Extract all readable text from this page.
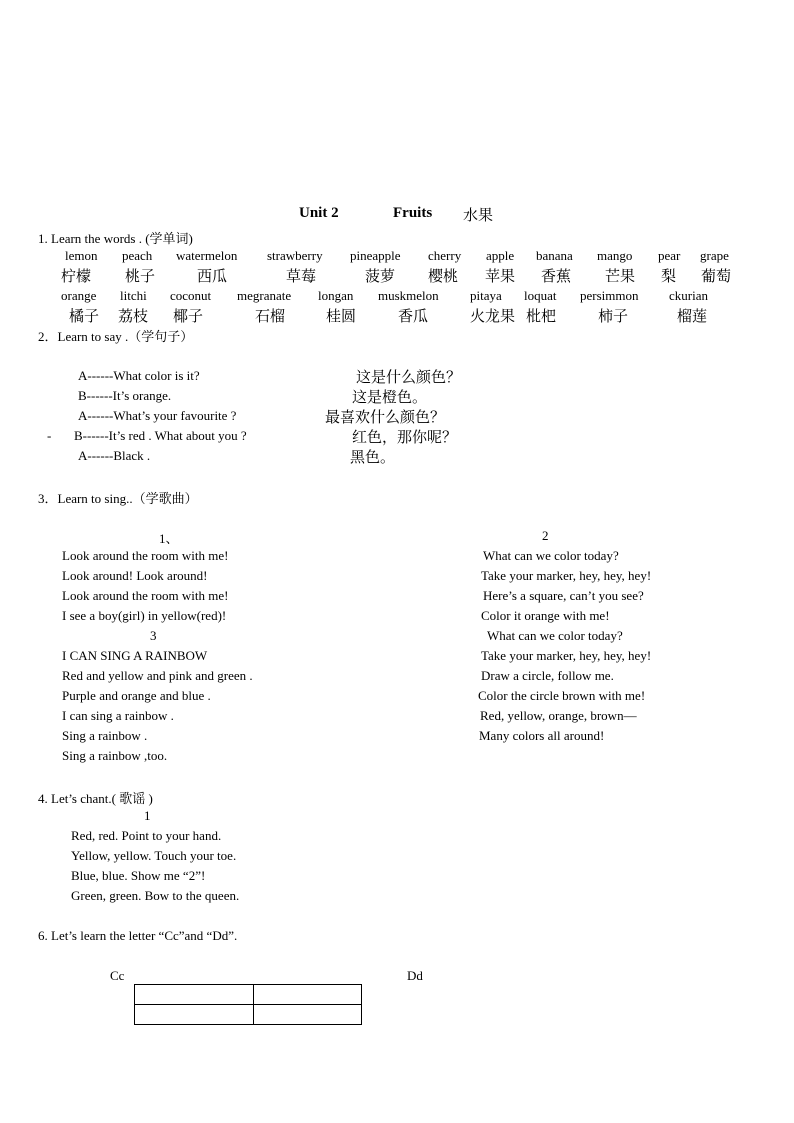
Unit 2	Fruits 水果
1. Learn the words . (学单词)
lemon peach watermelon strawberry pineapple cherry apple banana mango pear grape
柠檬 桃子	西瓜	草莓	菠萝 樱桃 苹果 香蕉 芒果 梨 葡萄
orange litchi coconut megranate longan muskmelon pitaya loquat persimmon ckurian
橘子 荔枝 椰子	石榴	桂圆	香瓜	火龙果 枇杷	柿子	榴莲
2．Learn to say .（学句子）
A------What color is it?	这是什么颜色？
B------It’s orange.	这是橙色。
A------What’s your favourite ?	最喜欢什么颜色？
- B------It’s red . What about you ?	红色，那你呢？
A------Black .	黑色。
3．Learn to sing..（学歌曲）
1、
Look around the room with me!
Look around! Look around!
Look around the room with me!
I see a boy(girl) in yellow(red)!
3
I CAN SING A RAINBOW
Red and yellow and pink and green .
Purple and orange and blue .
I can sing a rainbow .
Sing a rainbow .
Sing a rainbow ,too.
2
What can we color today?
Take your marker, hey, hey, hey!
Here’s a square, can’t you see?
Color it orange with me!
What can we color today?
Take your marker, hey, hey, hey!
Draw a circle, follow me.
Color the circle brown with me!
Red, yellow, orange, brown—
Many colors all around!
4. Let’s chant.( 歌谣 )
1
Red, red. Point to your hand.
Yellow, yellow. Touch your toe.
Blue, blue. Show me “2”!
Green, green. Bow to the queen.
6. Let’s learn the letter “Cc”and “Dd”.
Cc	Dd
